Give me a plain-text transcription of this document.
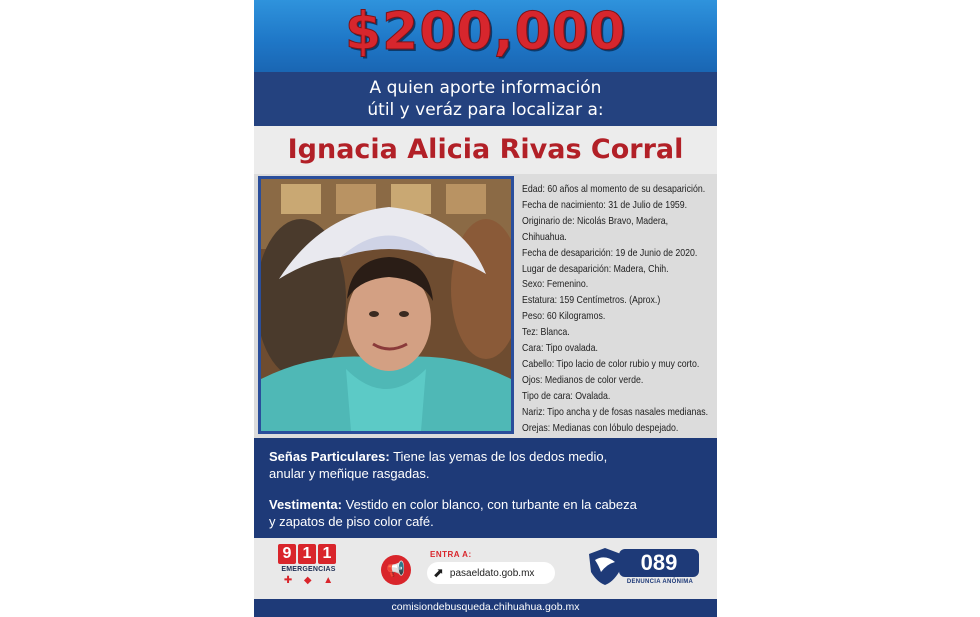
$200,000
A quien aporte información
útil y veráz para localizar a:
Ignacia Alicia Rivas Corral
Edad: 60 años al momento de su desaparición.
Fecha de nacimiento: 31 de Julio de 1959.
Originario de: Nicolás Bravo, Madera,
Chihuahua.
Fecha de desaparición: 19 de Junio de 2020.
Lugar de desaparición: Madera, Chih.
Sexo: Femenino.
Estatura: 159 Centímetros. (Aprox.)
Peso: 60 Kilogramos.
Tez: Blanca.
Cara: Tipo ovalada.
Cabello: Tipo lacio de color rubio y muy corto.
Ojos: Medianos de color verde.
Tipo de cara: Ovalada.
Nariz: Tipo ancha y de fosas nasales medianas.
Orejas: Medianas con lóbulo despejado.
Señas Particulares: Tiene las yemas de los dedos medio,
anular y meñique rasgadas.
Vestimenta: Vestido en color blanco, con turbante en la cabeza
y zapatos de piso color café.
9 1 1
EMERGENCIAS
✚ ◆ ▲
📢
ENTRA A:
⬈ pasaeldato.gob.mx	089
DENUNCIA ANÓNIMA
comisiondebusqueda.chihuahua.gob.mx
